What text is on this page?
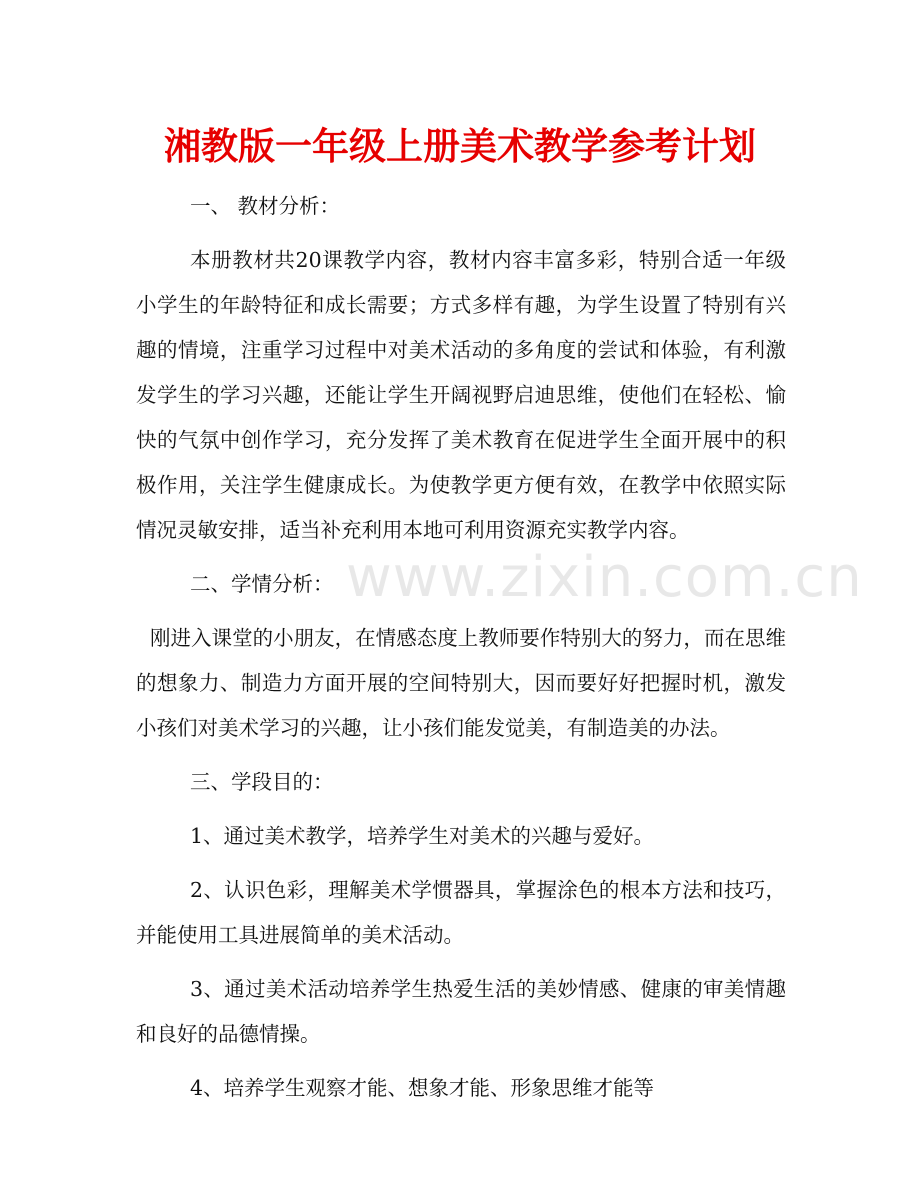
湘教版一年级上册美术教学参考计划
www.zixin.com.cn

一、 教材分析：

本册教材共20课教学内容，教材内容丰富多彩，特别合适一年级小学生的年龄特征和成长需要；方式多样有趣，为学生设置了特别有兴趣的情境，注重学习过程中对美术活动的多角度的尝试和体验，有利激发学生的学习兴趣，还能让学生开阔视野启迪思维，使他们在轻松、愉快的气氛中创作学习，充分发挥了美术教育在促进学生全面开展中的积极作用，关注学生健康成长。为使教学更方便有效，在教学中依照实际情况灵敏安排，适当补充利用本地可利用资源充实教学内容。

二、学情分析：

刚进入课堂的小朋友，在情感态度上教师要作特别大的努力，而在思维的想象力、制造力方面开展的空间特别大，因而要好好把握时机，激发小孩们对美术学习的兴趣，让小孩们能发觉美，有制造美的办法。

三、学段目的：

1、通过美术教学，培养学生对美术的兴趣与爱好。

2、认识色彩，理解美术学惯器具，掌握涂色的根本方法和技巧，并能使用工具进展简单的美术活动。

3、通过美术活动培养学生热爱生活的美妙情感、健康的审美情趣和良好的品德情操。

4、培养学生观察才能、想象才能、形象思维才能等
